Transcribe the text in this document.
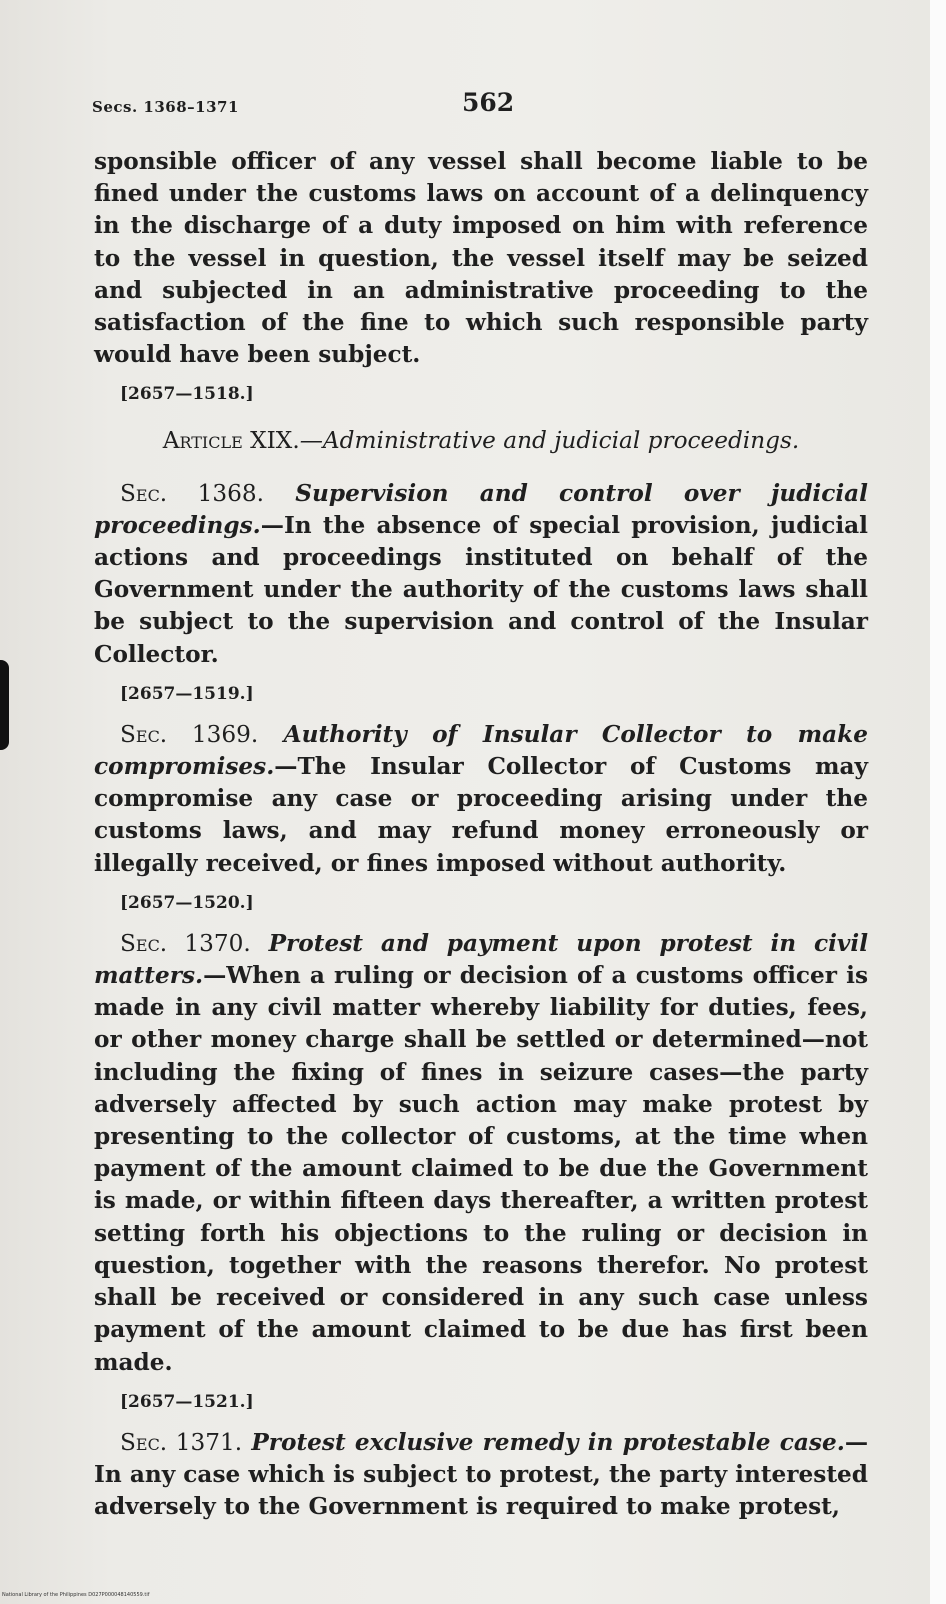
Secs. 1368–1371	562

sponsible officer of any vessel shall become liable to be fined under the customs laws on account of a delinquency in the discharge of a duty imposed on him with reference to the vessel in question, the vessel itself may be seized and subjected in an administrative proceeding to the satisfaction of the fine to which such responsible party would have been subject.

[2657—1518.]

Article XIX.—Administrative and judicial proceedings.

Sec. 1368. Supervision and control over judicial proceedings.—In the absence of special provision, judicial actions and proceedings instituted on behalf of the Government under the authority of the customs laws shall be subject to the supervision and control of the Insular Collector.

[2657—1519.]

Sec. 1369. Authority of Insular Collector to make compromises.—The Insular Collector of Customs may compromise any case or proceeding arising under the customs laws, and may refund money erroneously or illegally received, or fines imposed without authority.

[2657—1520.]

Sec. 1370. Protest and payment upon protest in civil matters.—When a ruling or decision of a customs officer is made in any civil matter whereby liability for duties, fees, or other money charge shall be settled or determined—not including the fixing of fines in seizure cases—the party adversely affected by such action may make protest by presenting to the collector of customs, at the time when payment of the amount claimed to be due the Government is made, or within fifteen days thereafter, a written protest setting forth his objections to the ruling or decision in question, together with the reasons therefor. No protest shall be received or considered in any such case unless payment of the amount claimed to be due has first been made.

[2657—1521.]

Sec. 1371. Protest exclusive remedy in protestable case.—In any case which is subject to protest, the party interested adversely to the Government is required to make protest,

National Library of the Philippines D027P000048140559.tif
